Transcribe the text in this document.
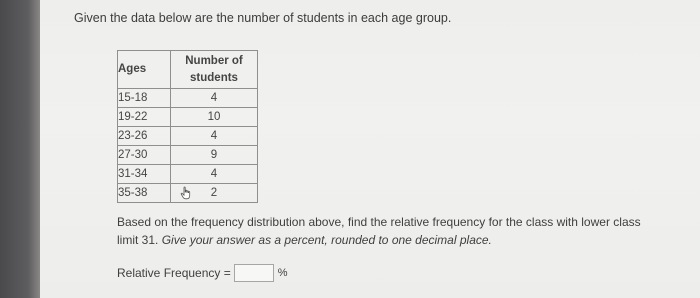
Given the data below are the number of students in each age group.
Ages	Number of
students
15-18	4
19-22	10
23-26	4
27-30	9
31-34	4
35-38	2
Based on the frequency distribution above, find the relative frequency for the class with lower class
limit 31. Give your answer as a percent, rounded to one decimal place.
Relative Frequency =	%
